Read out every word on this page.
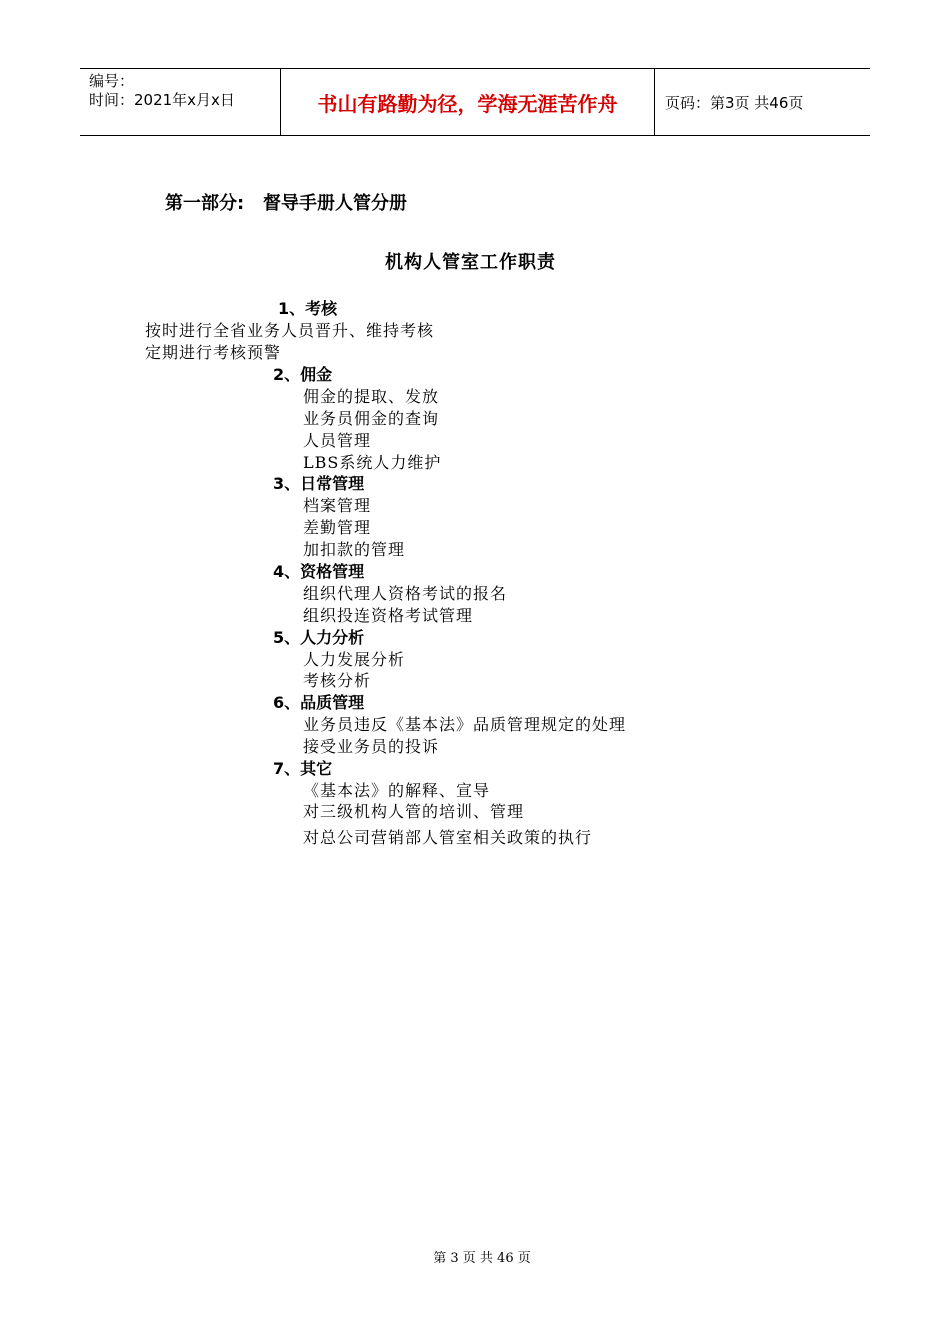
编号：
时间：2021年x月x日	书山有路勤为径，学海无涯苦作舟	页码：第3页 共46页
第一部分:   督导手册人管分册
机构人管室工作职责
1、考核
按时进行全省业务人员晋升、维持考核
定期进行考核预警
2、佣金
佣金的提取、发放
业务员佣金的查询
人员管理
LBS系统人力维护
3、日常管理
档案管理
差勤管理
加扣款的管理
4、资格管理
组织代理人资格考试的报名
组织投连资格考试管理
5、人力分析
人力发展分析
考核分析
6、品质管理
业务员违反《基本法》品质管理规定的处理
接受业务员的投诉
7、其它
《基本法》的解释、宣导
对三级机构人管的培训、管理
对总公司营销部人管室相关政策的执行
第 3 页 共 46 页
